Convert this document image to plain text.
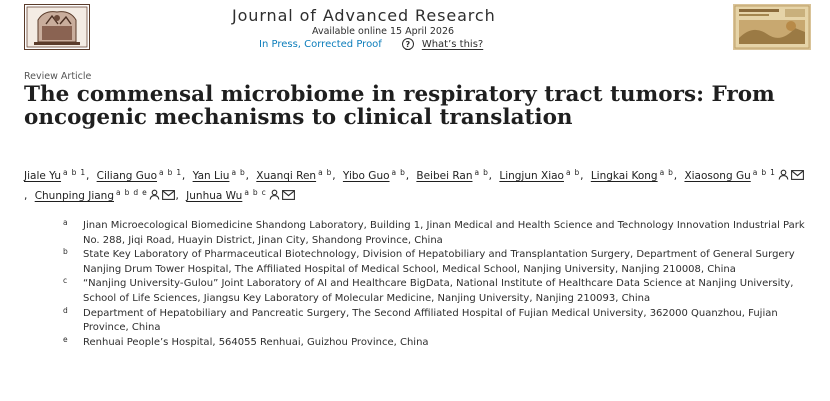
Journal of Advanced Research
Available online 15 April 2026
In Press, Corrected Proof	?	What’s this?
Review Article
The commensal microbiome in respiratory tract tumors: From oncogenic mechanisms to clinical translation
Jiale Yu $^{a b 1}$, Ciliang Guo $^{a b 1}$, Yan Liu $^{a b}$, Xuanqi Ren $^{a b}$, Yibo Guo $^{a b}$, Beibei Ran $^{a b}$, Lingjun Xiao $^{a b}$, Lingkai Kong $^{a b}$, Xiaosong Gu $^{a b 1}$, Chunping Jiang $^{a b d e}$	, Junhua Wu $^{a b c}$
a Jinan Microecological Biomedicine Shandong Laboratory, Building 1, Jinan Medical and Health Science and Technology Innovation Industrial Park No. 288, Jiqi Road, Huayin District, Jinan City, Shandong Province, China
b State Key Laboratory of Pharmaceutical Biotechnology, Division of Hepatobiliary and Transplantation Surgery, Department of General Surgery Nanjing Drum Tower Hospital, The Affiliated Hospital of Medical School, Medical School, Nanjing University, Nanjing 210008, China
c “Nanjing University-Gulou” Joint Laboratory of AI and Healthcare BigData, National Institute of Healthcare Data Science at Nanjing University, School of Life Sciences, Jiangsu Key Laboratory of Molecular Medicine, Nanjing University, Nanjing 210093, China
d Department of Hepatobiliary and Pancreatic Surgery, The Second Affiliated Hospital of Fujian Medical University, 362000 Quanzhou, Fujian Province, China
e Renhuai People’s Hospital, 564055 Renhuai, Guizhou Province, China
